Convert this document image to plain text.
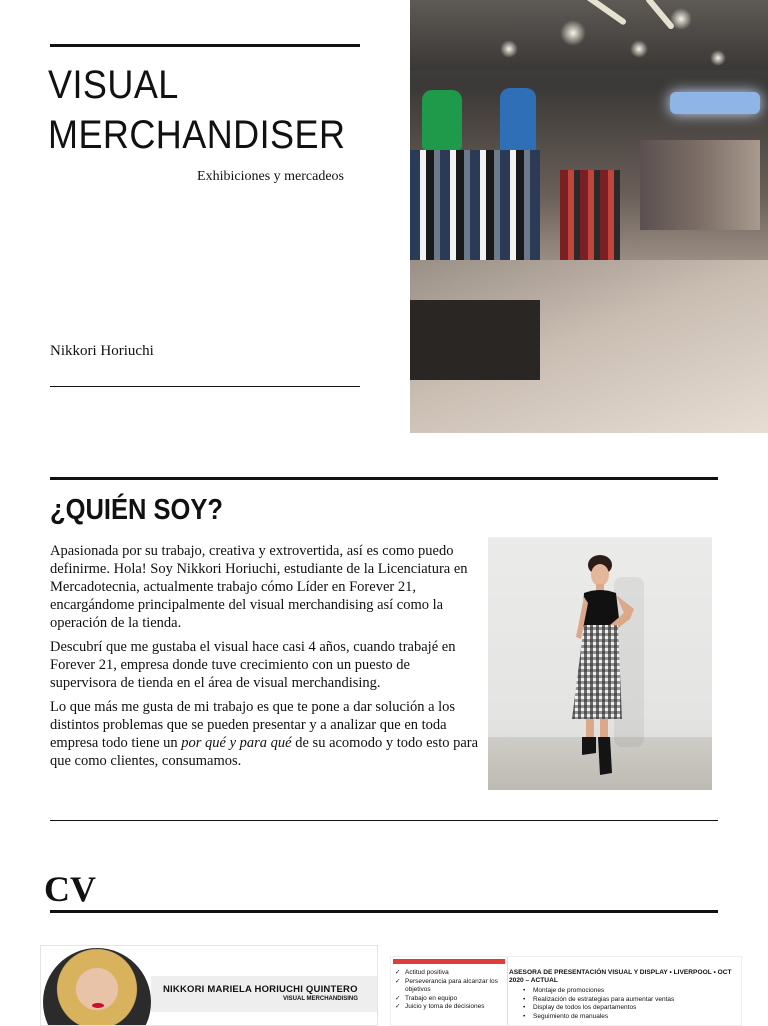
VISUAL
MERCHANDISER
Exhibiciones y mercadeos
Nikkori Horiuchi
¿QUIÉN SOY?

Apasionada por su trabajo, creativa y extrovertida, así es como puedo definirme. Hola! Soy Nikkori Horiuchi, estudiante de la Licenciatura en Mercadotecnia, actualmente trabajo cómo Líder en Forever 21, encargándome principalmente del visual merchandising así como la operación de la tienda.

Descubrí que me gustaba el visual hace casi 4 años, cuando trabajé en Forever 21, empresa donde tuve crecimiento con un puesto de supervisora de tienda en el área de visual merchandising.

Lo que más me gusta de mi trabajo es que te pone a dar solución a los distintos problemas que se pueden presentar y a analizar que en toda empresa todo tiene un por qué y para qué de su acomodo y todo esto para que como clientes, consumamos.

CV
NIKKORI MARIELA HORIUCHI QUINTERO
VISUAL MERCHANDISING
✓ Actitud positiva
✓ Perseverancia para alcanzar los objetivos
✓ Trabajo en equipo
✓ Juicio y toma de decisiones
ASESORA DE PRESENTACIÓN VISUAL Y DISPLAY • LIVERPOOL • OCT 2020 – ACTUAL
• Montaje de promociones
• Realización de estrategias para aumentar ventas
• Display de todos los departamentos
• Seguimiento de manuales
